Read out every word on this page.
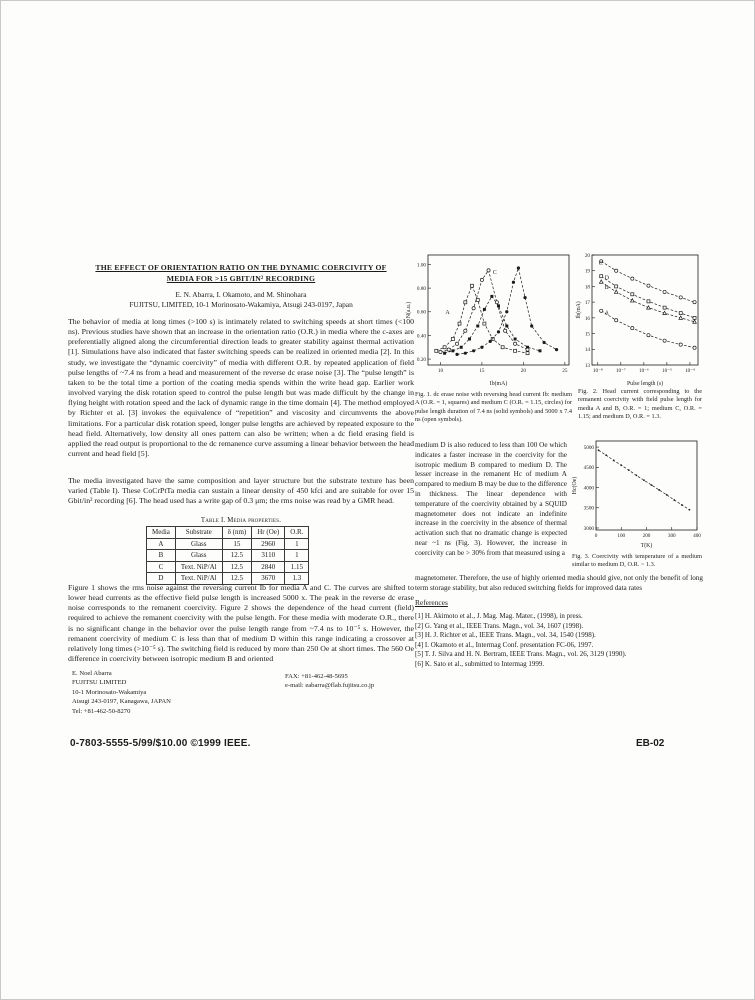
THE EFFECT OF ORIENTATION RATIO ON THE DYNAMIC COERCIVITY OF
MEDIA FOR >15 GBIT/IN² RECORDING
E. N. Abarra, I. Okamoto, and M. Shinohara
FUJITSU, LIMITED, 10-1 Morinosato-Wakamiya, Atsugi 243-0197, Japan

The behavior of media at long times (>100 s) is intimately related to switching speeds at short times (<100 ns). Previous studies have shown that an increase in the orientation ratio (O.R.) in media where the c-axes are preferentially aligned along the circumferential direction leads to greater stability against thermal activation [1]. Simulations have also indicated that faster switching speeds can be realized in oriented media [2]. In this study, we investigate the “dynamic coercivity” of media with different O.R. by repeated application of field pulse lengths of ~7.4 ns from a head and measurement of the reverse dc erase noise [3]. The “pulse length” is taken to be the total time a portion of the coating media spends within the write head gap. Earlier work involved varying the disk rotation speed to control the pulse length but was made difficult by the change in flying height with rotation speed and the lack of dynamic range in the time domain [4]. The method employed by Richter et al. [3] invokes the equivalence of “repetition” and viscosity and circumvents the above limitations. For a particular disk rotation speed, longer pulse lengths are achieved by repeated exposure to the head field. Alternatively, low density all ones pattern can also be written; when a dc field erasing field is applied the read output is proportional to the dc remanence curve assuming a linear behavior between the head current and head field [5].

The media investigated have the same composition and layer structure but the substrate texture has been varied (Table I). These CoCrPtTa media can sustain a linear density of 450 kfci and are suitable for over 15 Gbit/in² recording [6]. The head used has a write gap of 0.3 μm; the rms noise was read by a GMR head.

Table I. Media properties.
Media	Substrate	δ (nm)	Hr (Oe)	O.R.
A	Glass	15	2960	1
B	Glass	12.5	3110	1
C	Text. NiP/Al	12.5	2840	1.15
D	Text. NiP/Al	12.5	3670	1.3

Figure 1 shows the rms noise against the reversing current Ib for media A and C. The curves are shifted to lower head currents as the effective field pulse length is increased 5000 x. The peak in the reverse dc erase noise corresponds to the remanent coercivity. Figure 2 shows the dependence of the head current (field) required to achieve the remanent coercivity with the pulse length. For these media with moderate O.R., there is no significant change in the behavior over the pulse length range from ~7.4 ns to 10⁻⁵ s. However, the remanent coercivity of medium C is less than that of medium D within this range indicating a crossover at relatively long times (>10⁻⁵ s). The switching field is reduced by more than 250 Oe at short times. The 560 Oe difference in coercivity between isotropic medium B and oriented

10	15	20	25
0.20
0.40
0.60
0.80
1.00
A
C
Ib(mA)
N(a.u.)
Fig. 1. dc erase noise with reversing head current Ib: medium A (O.R. = 1, squares) and medium C (O.R. = 1.15, circles) for pulse length duration of 7.4 ns (solid symbols) and 5000 x 7.4 ns (open symbols).
10⁻⁸	10⁻⁷	10⁻⁶	10⁻⁵	10⁻⁴
13
14
15
16
17
18
19
20
C
D
B
A
Pulse length (s)
Ib(mA)
Fig. 2. Head current corresponding to the remanent coercivity with field pulse length for media A and B, O.R. = 1; medium C, O.R. = 1.15; and medium D, O.R. = 1.3.
medium D is also reduced to less than 100 Oe which indicates a faster increase in the coercivity for the isotropic medium B compared to medium D. The lesser increase in the remanent Hc of medium A compared to medium B may be due to the difference in thickness. The linear dependence with temperature of the coercivity obtained by a SQUID magnetometer does not indicate an indefinite increase in the coercivity in the absence of thermal activation such that no dramatic change is expected near ~1 ns (Fig. 3). However, the increase in coercivity can be > 30% from that measured using a
0	100	200	300	400
3000
3500
4000
4500
5000
T(K)
Hc(Oe)
Fig. 3. Coercivity with temperature of a medium similar to medium D, O.R. ~ 1.3.
magnetometer. Therefore, the use of highly oriented media should give, not only the benefit of long term storage stability, but also reduced switching fields for improved data rates
References
[1] H. Akimoto et al., J. Mag. Mag. Mater., (1998), in press.
[2] G. Yang et al., IEEE Trans. Magn., vol. 34, 1607 (1998).
[3] H. J. Richter et al., IEEE Trans. Magn., vol. 34, 1540 (1998).
[4] I. Okamoto et al., Intermag Conf. presentation FC-06, 1997.
[5] T. J. Silva and H. N. Bertram, IEEE Trans. Magn., vol. 26, 3129 (1990).
[6] K. Sato et al., submitted to Intermag 1999.
E. Noel Abarra
FUJITSU LIMITED
10-1 Morinosato-Wakamiya
Atsugi 243-0197, Kanagawa, JAPAN
Tel: +81-462-50-8270
FAX: +81-462-48-5695
e-mail: eabarra@flab.fujitsu.co.jp
0-7803-5555-5/99/$10.00 ©1999 IEEE.	EB-02
